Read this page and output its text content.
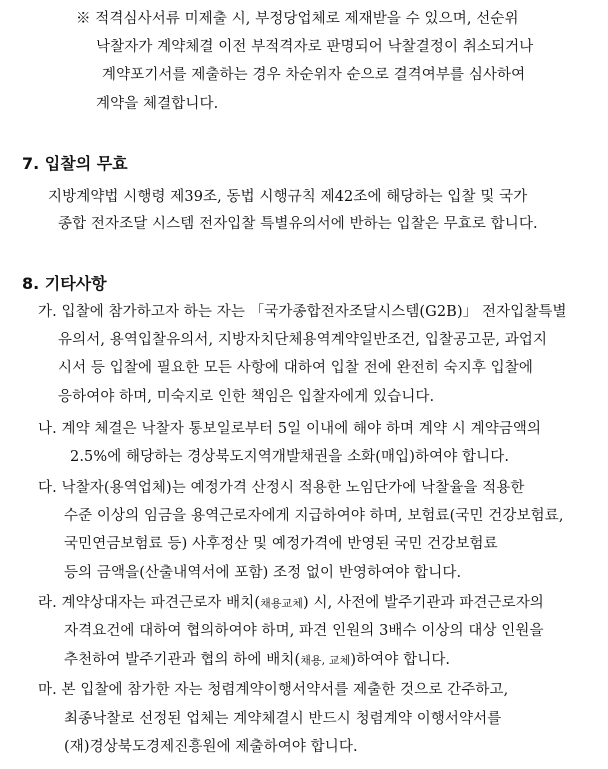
※ 적격심사서류 미제출 시, 부정당업체로 제재받을 수 있으며, 선순위
낙찰자가 계약체결 이전 부적격자로 판명되어 낙찰결정이 취소되거나
계약포기서를 제출하는 경우 차순위자 순으로 결격여부를 심사하여
계약을 체결합니다.
7. 입찰의 무효
지방계약법 시행령 제39조, 동법 시행규칙 제42조에 해당하는 입찰 및 국가
종합 전자조달 시스템 전자입찰 특별유의서에 반하는 입찰은 무효로 합니다.
8. 기타사항
가. 입찰에 참가하고자 하는 자는 「국가종합전자조달시스템(G2B)」 전자입찰특별
유의서, 용역입찰유의서, 지방자치단체용역계약일반조건, 입찰공고문, 과업지
시서 등 입찰에 필요한 모든 사항에 대하여 입찰 전에 완전히 숙지후 입찰에
응하여야 하며, 미숙지로 인한 책임은 입찰자에게 있습니다.
나. 계약 체결은 낙찰자 통보일로부터 5일 이내에 해야 하며 계약 시 계약금액의
2.5%에 해당하는 경상북도지역개발채권을 소화(매입)하여야 합니다.
다. 낙찰자(용역업체)는 예정가격 산정시 적용한 노임단가에 낙찰율을 적용한
수준 이상의 임금을 용역근로자에게 지급하여야 하며, 보험료(국민 건강보험료,
국민연금보험료 등) 사후정산 및 예정가격에 반영된 국민 건강보험료
등의 금액을(산출내역서에 포함) 조정 없이 반영하여야 합니다.
라. 계약상대자는 파견근로자 배치(채용교체) 시, 사전에 발주기관과 파견근로자의
자격요건에 대하여 협의하여야 하며, 파견 인원의 3배수 이상의 대상 인원을
추천하여 발주기관과 협의 하에 배치(채용, 교체)하여야 합니다.
마. 본 입찰에 참가한 자는 청렴계약이행서약서를 제출한 것으로 간주하고,
최종낙찰로 선정된 업체는 계약체결시 반드시 청렴계약 이행서약서를
(재)경상북도경제진흥원에 제출하여야 합니다.
